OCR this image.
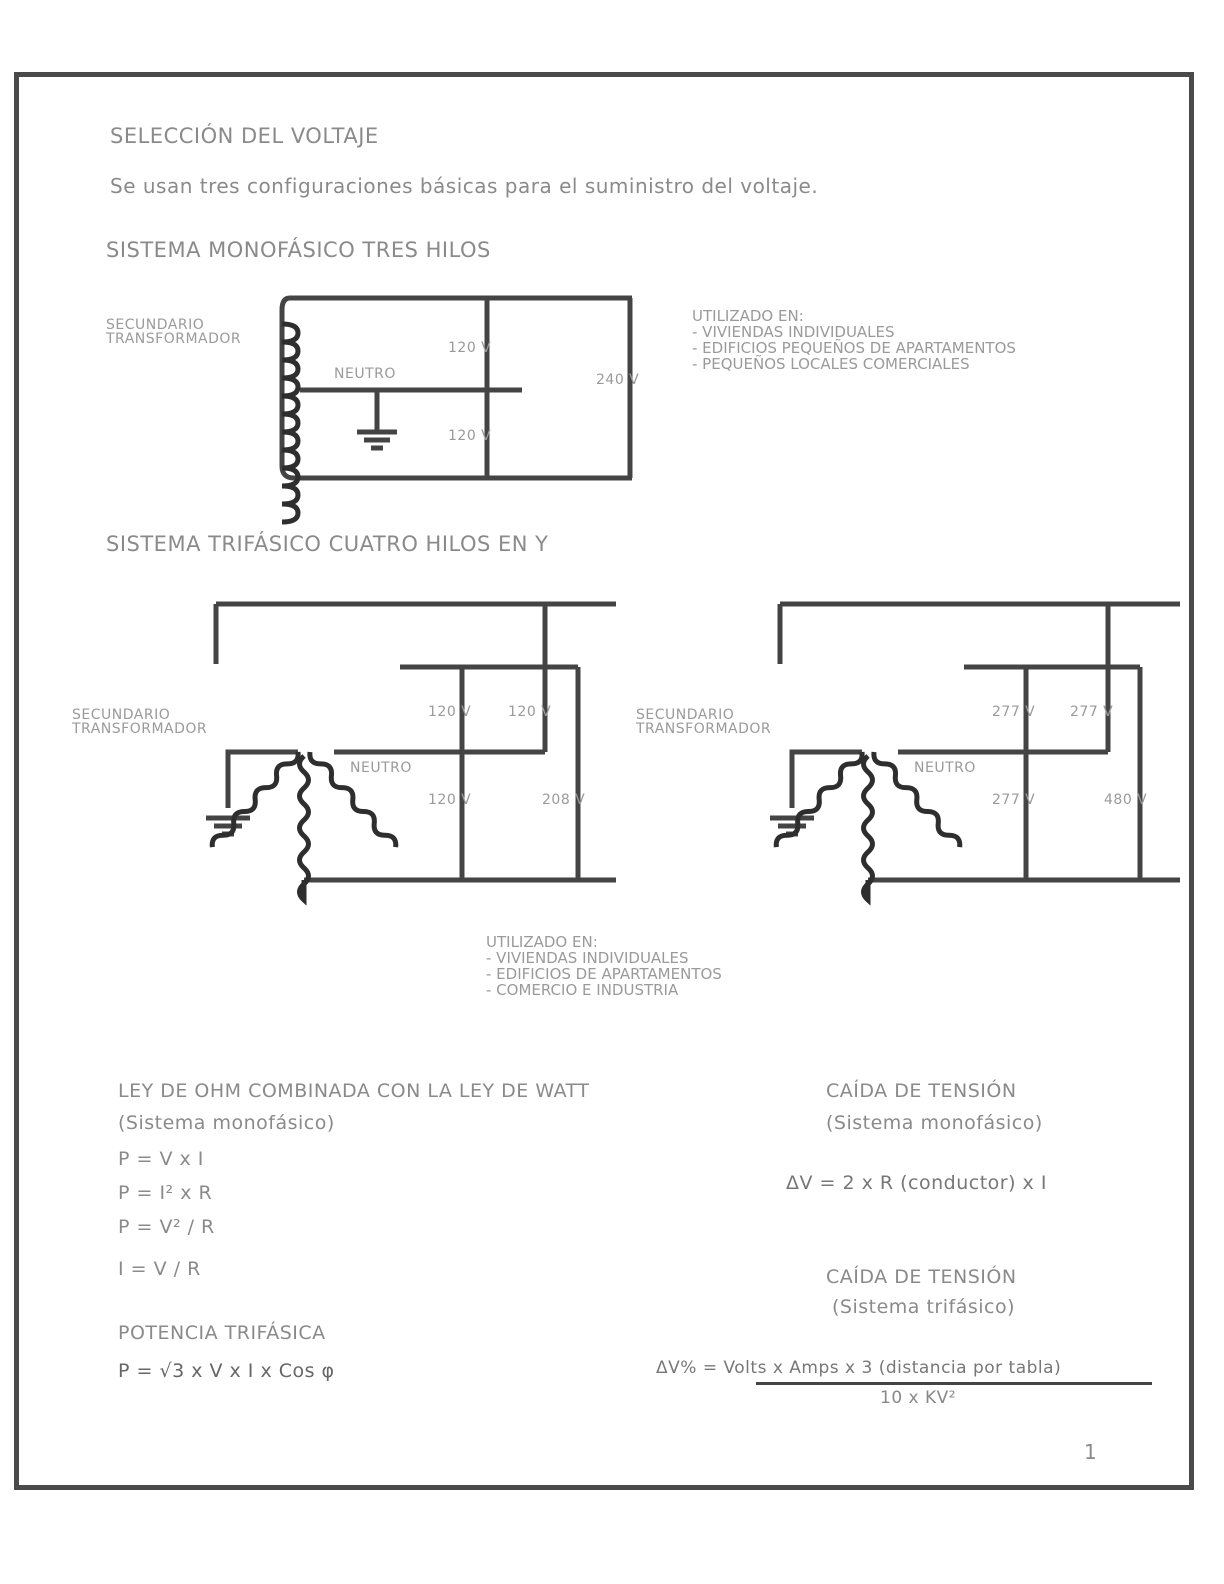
SELECCIÓN DEL VOLTAJE
Se usan tres configuraciones básicas para el suministro del voltaje.
SISTEMA MONOFÁSICO TRES HILOS
SECUNDARIO
TRANSFORMADOR
NEUTRO
120 V
120 V
240 V
UTILIZADO EN:
- VIVIENDAS INDIVIDUALES
- EDIFICIOS PEQUEÑOS DE APARTAMENTOS
- PEQUEÑOS LOCALES COMERCIALES
SISTEMA TRIFÁSICO CUATRO HILOS EN Y
SECUNDARIO
TRANSFORMADOR
NEUTRO
120 V	120 V
120 V	208 V
SECUNDARIO
TRANSFORMADOR
NEUTRO
277 V 277 V
277 V	480 V
UTILIZADO EN:
- VIVIENDAS INDIVIDUALES
- EDIFICIOS DE APARTAMENTOS
- COMERCIO E INDUSTRIA
LEY DE OHM COMBINADA CON LA LEY DE WATT
(Sistema monofásico)
P = V x I
P = I² x R
P = V² / R
I = V / R
POTENCIA TRIFÁSICA
P = √3 x V x I x Cos φ
CAÍDA DE TENSIÓN
(Sistema monofásico)
ΔV = 2 x R (conductor) x I
CAÍDA DE TENSIÓN
(Sistema trifásico)
ΔV% = Volts x Amps x 3 (distancia por tabla)
10 x KV²
1
